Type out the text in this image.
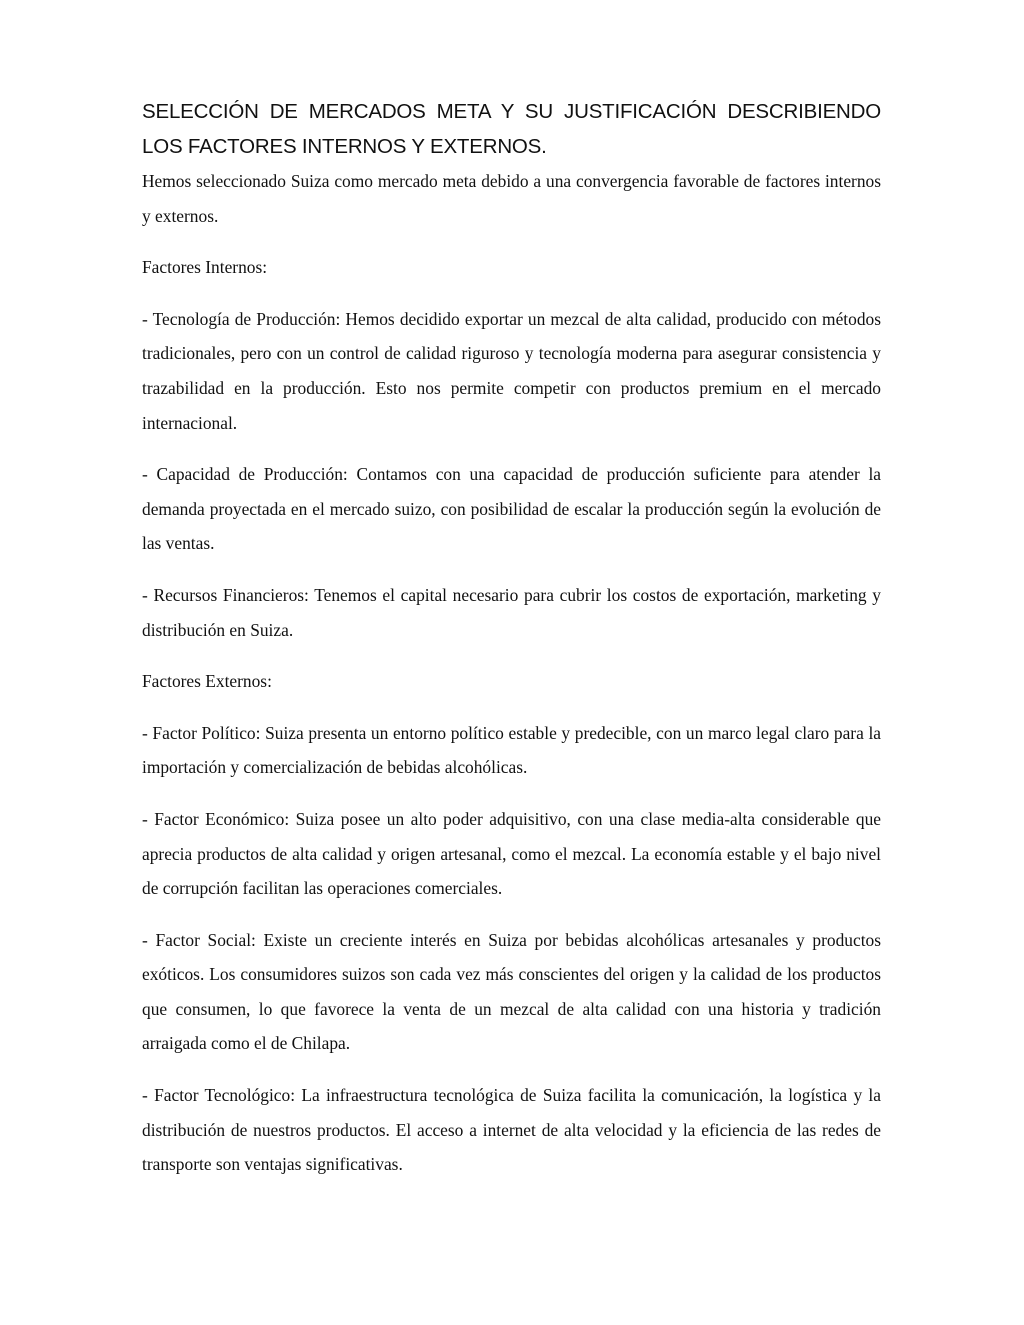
SELECCIÓN DE MERCADOS META Y SU JUSTIFICACIÓN DESCRIBIENDO LOS FACTORES INTERNOS Y EXTERNOS.

Hemos seleccionado Suiza como mercado meta debido a una convergencia favorable de factores internos y externos.

Factores Internos:

- Tecnología de Producción: Hemos decidido exportar un mezcal de alta calidad, producido con métodos tradicionales, pero con un control de calidad riguroso y tecnología moderna para asegurar consistencia y trazabilidad en la producción. Esto nos permite competir con productos premium en el mercado internacional.

- Capacidad de Producción: Contamos con una capacidad de producción suficiente para atender la demanda proyectada en el mercado suizo, con posibilidad de escalar la producción según la evolución de las ventas.

- Recursos Financieros: Tenemos el capital necesario para cubrir los costos de exportación, marketing y distribución en Suiza.

Factores Externos:

- Factor Político: Suiza presenta un entorno político estable y predecible, con un marco legal claro para la importación y comercialización de bebidas alcohólicas.

- Factor Económico: Suiza posee un alto poder adquisitivo, con una clase media-alta considerable que aprecia productos de alta calidad y origen artesanal, como el mezcal. La economía estable y el bajo nivel de corrupción facilitan las operaciones comerciales.

- Factor Social: Existe un creciente interés en Suiza por bebidas alcohólicas artesanales y productos exóticos. Los consumidores suizos son cada vez más conscientes del origen y la calidad de los productos que consumen, lo que favorece la venta de un mezcal de alta calidad con una historia y tradición arraigada como el de Chilapa.

- Factor Tecnológico: La infraestructura tecnológica de Suiza facilita la comunicación, la logística y la distribución de nuestros productos. El acceso a internet de alta velocidad y la eficiencia de las redes de transporte son ventajas significativas.
